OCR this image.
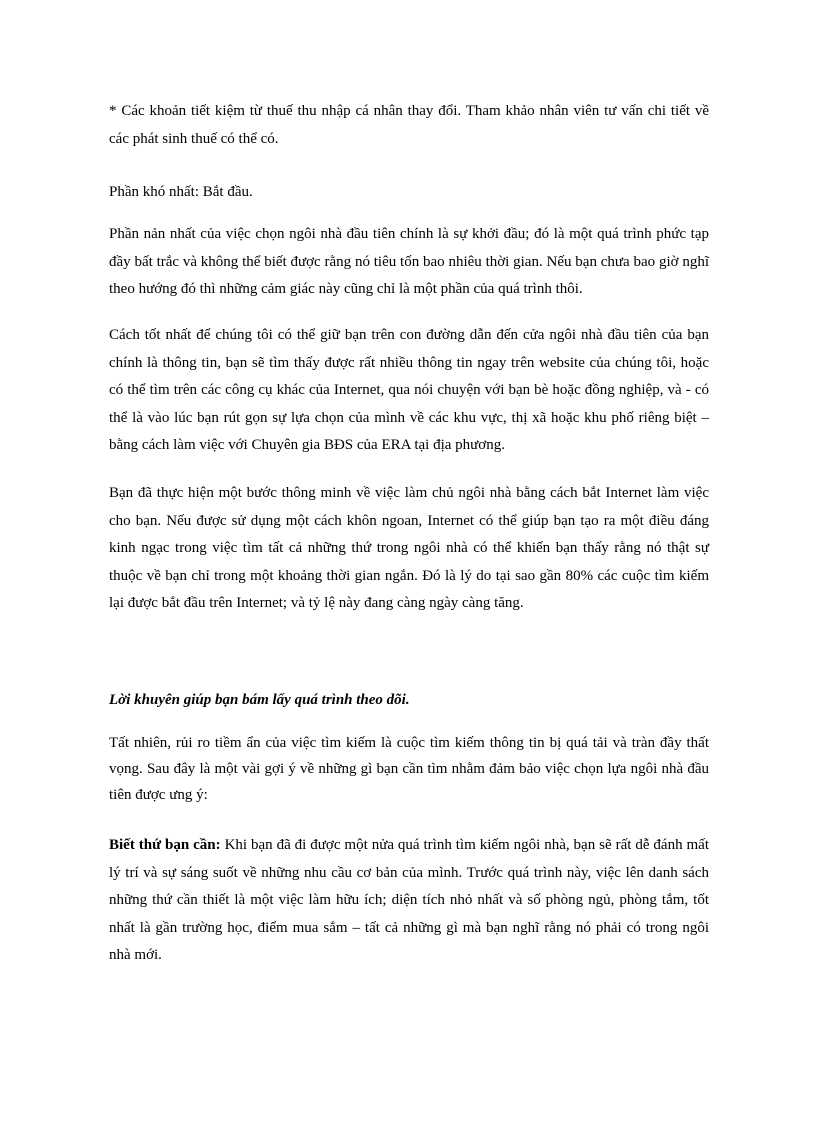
* Các khoản tiết kiệm từ thuế thu nhập cá nhân thay đổi. Tham khảo nhân viên tư vấn chi tiết về các phát sinh thuế có thể có.

Phần khó nhất: Bắt đầu.

Phần nản nhất của việc chọn ngôi nhà đầu tiên chính là sự khởi đầu; đó là một quá trình phức tạp đầy bất trắc và không thể biết được rằng nó tiêu tốn bao nhiêu thời gian. Nếu bạn chưa bao giờ nghĩ theo hướng đó thì những cảm giác này cũng chỉ là một phần của quá trình thôi.

Cách tốt nhất để chúng tôi có thể giữ bạn trên con đường dẫn đến cửa ngôi nhà đầu tiên của bạn chính là thông tin, bạn sẽ tìm thấy được rất nhiều thông tin ngay trên website của chúng tôi, hoặc có thể tìm trên các công cụ khác của Internet, qua nói chuyện với bạn bè hoặc đồng nghiệp, và - có thể là vào lúc bạn rút gọn sự lựa chọn của mình về các khu vực, thị xã hoặc khu phố riêng biệt – bằng cách làm việc với Chuyên gia BĐS của ERA tại địa phương.

Bạn đã thực hiện một bước thông minh về việc làm chủ ngôi nhà bằng cách bắt Internet làm việc cho bạn. Nếu được sử dụng một cách khôn ngoan, Internet có thể giúp bạn tạo ra một điều đáng kinh ngạc trong việc tìm tất cả những thứ trong ngôi nhà có thể khiến bạn thấy rằng nó thật sự thuộc về bạn chỉ trong một khoảng thời gian ngắn. Đó là lý do tại sao gần 80% các cuộc tìm kiếm lại được bắt đầu trên Internet; và tỷ lệ này đang càng ngày càng tăng.

Lời khuyên giúp bạn bám lấy quá trình theo dõi.

Tất nhiên, rủi ro tiềm ẩn của việc tìm kiếm là cuộc tìm kiếm thông tin bị quá tải và tràn đầy thất vọng. Sau đây là một vài gợi ý về những gì bạn cần tìm nhằm đảm bảo việc chọn lựa ngôi nhà đầu tiên được ưng ý:

Biết thứ bạn cần: Khi bạn đã đi được một nửa quá trình tìm kiếm ngôi nhà, bạn sẽ rất dễ đánh mất lý trí và sự sáng suốt về những nhu cầu cơ bản của mình. Trước quá trình này, việc lên danh sách những thứ cần thiết là một việc làm hữu ích; diện tích nhỏ nhất và số phòng ngủ, phòng tắm, tốt nhất là gần trường học, điểm mua sắm – tất cả những gì mà bạn nghĩ rằng nó phải có trong ngôi nhà mới.
